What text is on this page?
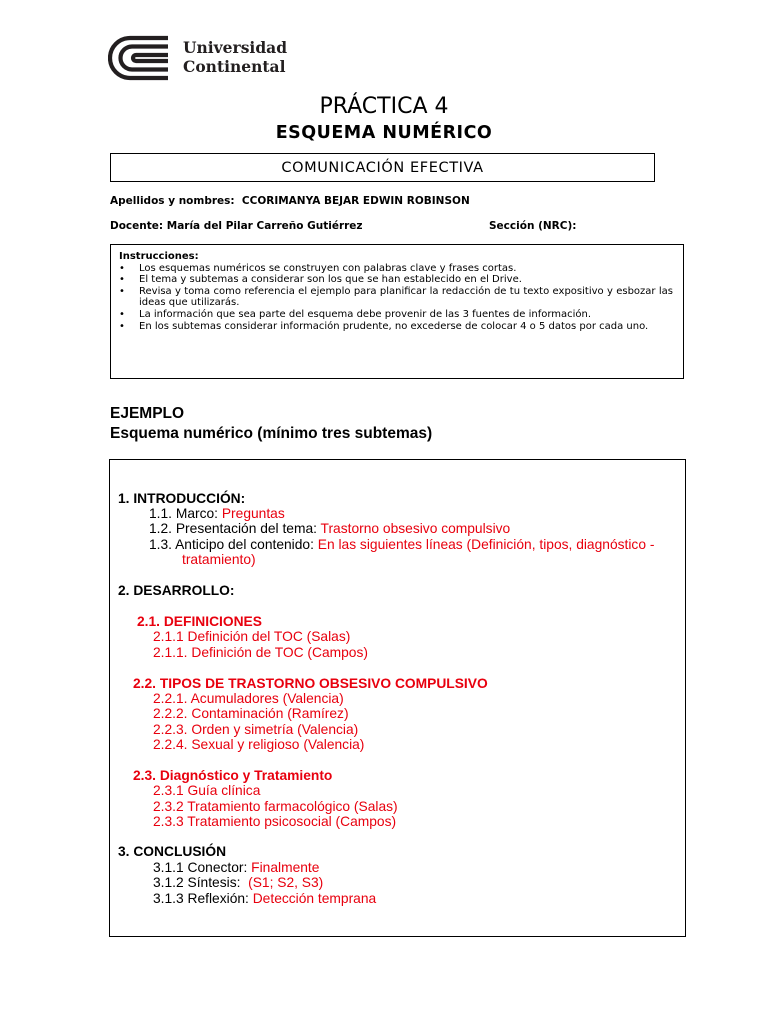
Universidad
Continental
PRÁCTICA 4
ESQUEMA NUMÉRICO
COMUNICACIÓN EFECTIVA
Apellidos y nombres: CCORIMANYA BEJAR EDWIN ROBINSON
Docente: María del Pilar Carreño Gutiérrez	Sección (NRC):
Instrucciones:
• Los esquemas numéricos se construyen con palabras clave y frases cortas.
• El tema y subtemas a considerar son los que se han establecido en el Drive.
• Revisa y toma como referencia el ejemplo para planificar la redacción de tu texto expositivo y esbozar las ideas que utilizarás.
• La información que sea parte del esquema debe provenir de las 3 fuentes de información.
• En los subtemas considerar información prudente, no excederse de colocar 4 o 5 datos por cada uno.
EJEMPLO
Esquema numérico (mínimo tres subtemas)
1. INTRODUCCIÓN:
1.1. Marco: Preguntas
1.2. Presentación del tema: Trastorno obsesivo compulsivo
1.3. Anticipo del contenido: En las siguientes líneas (Definición, tipos, diagnóstico -
tratamiento)
2. DESARROLLO:
2.1. DEFINICIONES
2.1.1 Definición del TOC (Salas)
2.1.1. Definición de TOC (Campos)
2.2. TIPOS DE TRASTORNO OBSESIVO COMPULSIVO
2.2.1. Acumuladores (Valencia)
2.2.2. Contaminación (Ramírez)
2.2.3. Orden y simetría (Valencia)
2.2.4. Sexual y religioso (Valencia)
2.3. Diagnóstico y Tratamiento
2.3.1 Guía clínica
2.3.2 Tratamiento farmacológico (Salas)
2.3.3 Tratamiento psicosocial (Campos)
3. CONCLUSIÓN
3.1.1 Conector: Finalmente
3.1.2 Síntesis:  (S1; S2, S3)
3.1.3 Reflexión: Detección temprana
